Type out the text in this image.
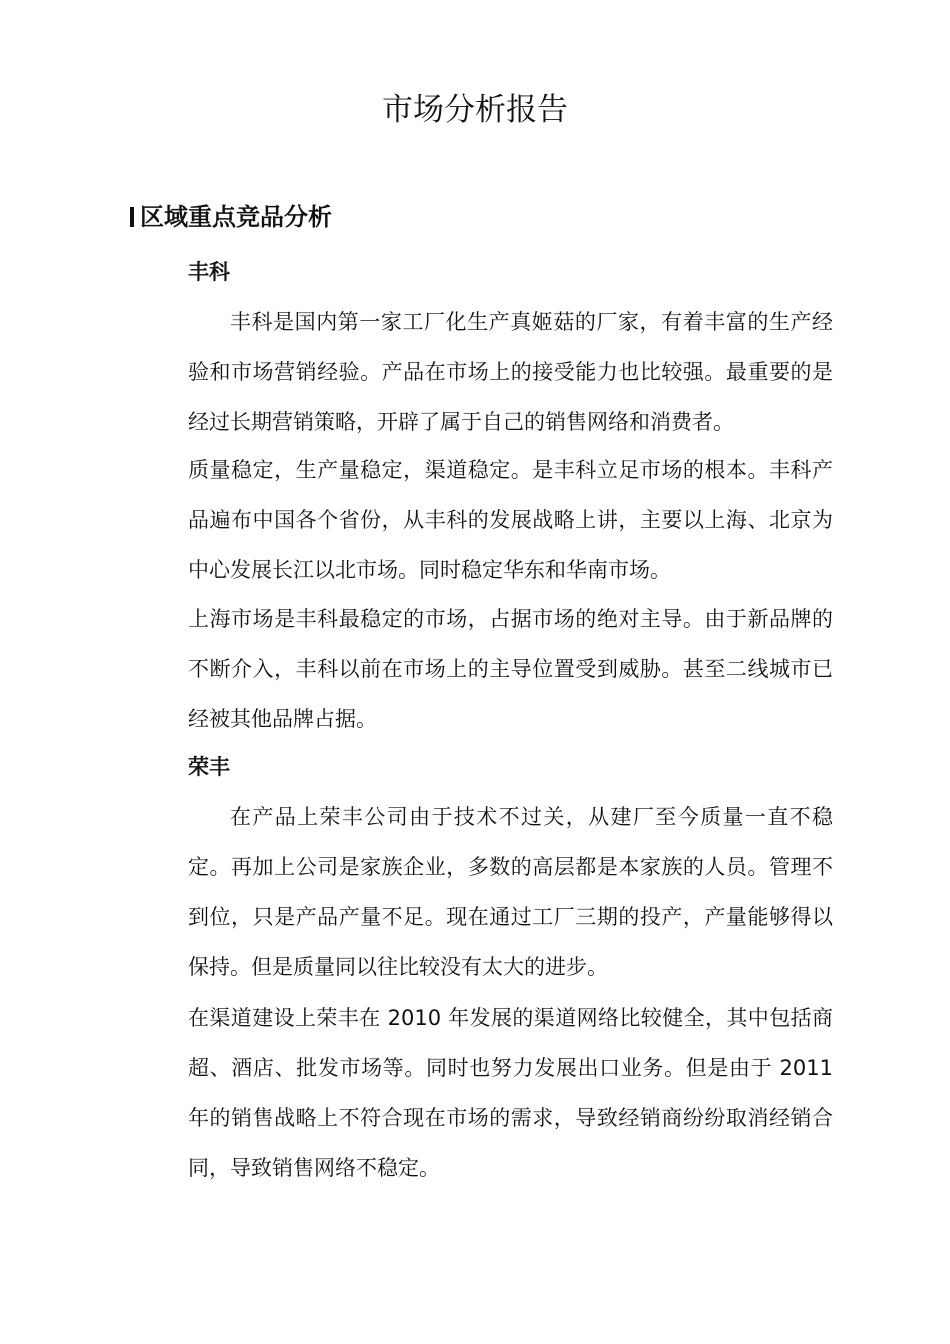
市场分析报告
区域重点竞品分析
丰科

丰科是国内第一家工厂化生产真姬菇的厂家，有着丰富的生产经验和市场营销经验。产品在市场上的接受能力也比较强。最重要的是经过长期营销策略，开辟了属于自己的销售网络和消费者。

质量稳定，生产量稳定，渠道稳定。是丰科立足市场的根本。丰科产品遍布中国各个省份，从丰科的发展战略上讲，主要以上海、北京为中心发展长江以北市场。同时稳定华东和华南市场。

上海市场是丰科最稳定的市场，占据市场的绝对主导。由于新品牌的不断介入，丰科以前在市场上的主导位置受到威胁。甚至二线城市已经被其他品牌占据。

荣丰

在产品上荣丰公司由于技术不过关，从建厂至今质量一直不稳定。再加上公司是家族企业，多数的高层都是本家族的人员。管理不到位，只是产品产量不足。现在通过工厂三期的投产，产量能够得以保持。但是质量同以往比较没有太大的进步。

在渠道建设上荣丰在 2010 年发展的渠道网络比较健全，其中包括商超、酒店、批发市场等。同时也努力发展出口业务。但是由于 2011年的销售战略上不符合现在市场的需求，导致经销商纷纷取消经销合同，导致销售网络不稳定。
